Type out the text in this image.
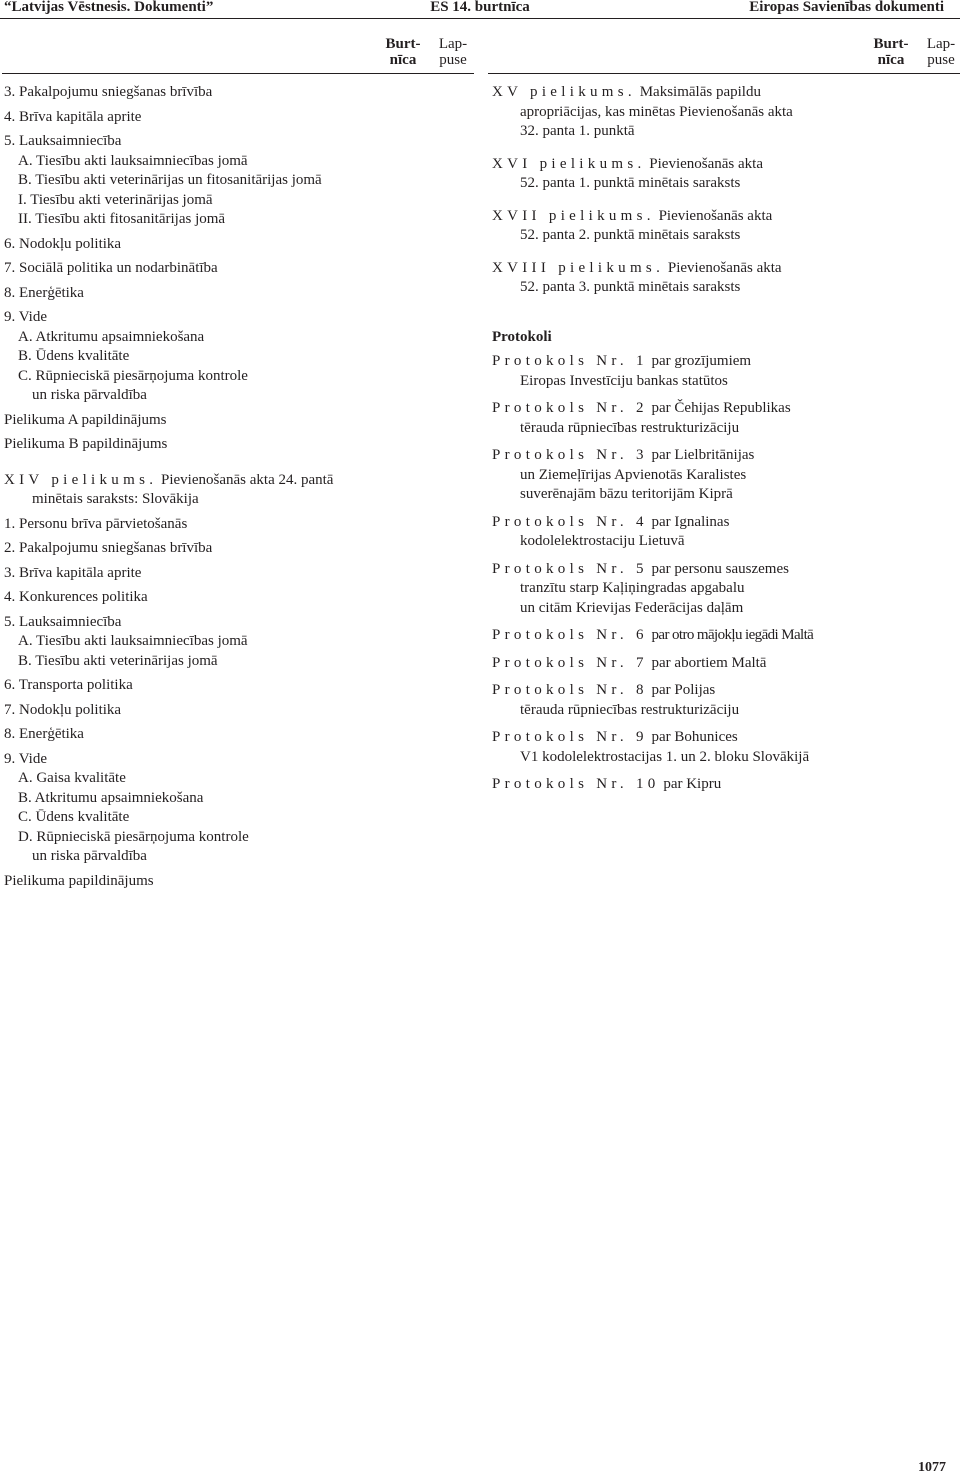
“Latvijas Vēstnesis. Dokumenti”	ES 14. burtnīca	Eiropas Savienības dokumenti
Burt-
nīca
Lap-
puse
Burt-
nīca
Lap-
puse
3. Pakalpojumu sniegšanas brīvība
4. Brīva kapitāla aprite
5. Lauksaimniecība
A. Tiesību akti lauksaimniecības jomā
B. Tiesību akti veterinārijas un fitosanitārijas jomā
I. Tiesību akti veterinārijas jomā
II. Tiesību akti fitosanitārijas jomā
6. Nodokļu politika
7. Sociālā politika un nodarbinātība
8. Enerģētika
9. Vide
A. Atkritumu apsaimniekošana
B. Ūdens kvalitāte
C. Rūpnieciskā piesārņojuma kontrole
un riska pārvaldība
Pielikuma A papildinājums
Pielikuma B papildinājums
XIV pielikums. Pievienošanās akta 24. pantā
minētais saraksts: Slovākija
1. Personu brīva pārvietošanās
2. Pakalpojumu sniegšanas brīvība
3. Brīva kapitāla aprite
4. Konkurences politika
5. Lauksaimniecība
A. Tiesību akti lauksaimniecības jomā
B. Tiesību akti veterinārijas jomā
6. Transporta politika
7. Nodokļu politika
8. Enerģētika
9. Vide
A. Gaisa kvalitāte
B. Atkritumu apsaimniekošana
C. Ūdens kvalitāte
D. Rūpnieciskā piesārņojuma kontrole
un riska pārvaldība
Pielikuma papildinājums
XV pielikums. Maksimālās papildu
apropriācijas, kas minētas Pievienošanās akta
32. panta 1. punktā
XVI pielikums. Pievienošanās akta
52. panta 1. punktā minētais saraksts
XVII pielikums. Pievienošanās akta
52. panta 2. punktā minētais saraksts
XVIII pielikums. Pievienošanās akta
52. panta 3. punktā minētais saraksts
Protokoli
Protokols Nr. 1 par grozījumiem
Eiropas Investīciju bankas statūtos
Protokols Nr. 2 par Čehijas Republikas
tērauda rūpniecības restrukturizāciju
Protokols Nr. 3 par Lielbritānijas
un Ziemeļīrijas Apvienotās Karalistes
suverēnajām bāzu teritorijām Kiprā
Protokols Nr. 4 par Ignalinas
kodolelektrostaciju Lietuvā
Protokols Nr. 5 par personu sauszemes
tranzītu starp Kaļiņingradas apgabalu
un citām Krievijas Federācijas daļām
Protokols Nr. 6 par otro mājokļu iegādi Maltā
Protokols Nr. 7 par abortiem Maltā
Protokols Nr. 8 par Polijas
tērauda rūpniecības restrukturizāciju
Protokols Nr. 9 par Bohunices
V1 kodolelektrostacijas 1. un 2. bloku Slovākijā
Protokols Nr. 10 par Kipru
1077
